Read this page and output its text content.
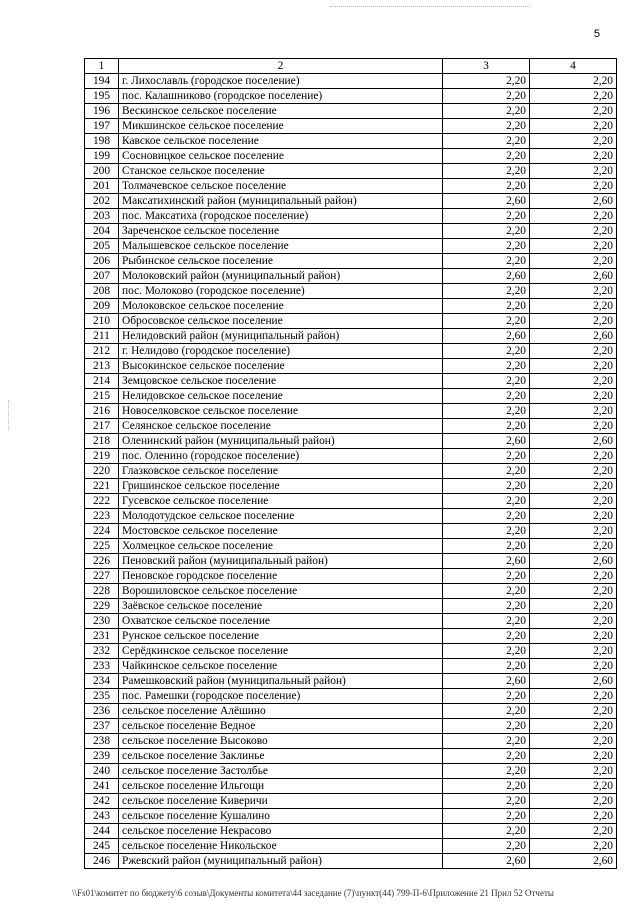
5
1	2	3	4
194	г. Лихославль (городское поселение)	2,20	2,20
195	пос. Калашниково (городское поселение)	2,20	2,20
196	Вескинское сельское поселение	2,20	2,20
197	Микшинское сельское поселение	2,20	2,20
198	Кавское сельское поселение	2,20	2,20
199	Сосновицкое сельское поселение	2,20	2,20
200	Станское сельское поселение	2,20	2,20
201	Толмачевское сельское поселение	2,20	2,20
202	Максатихинский район (муниципальный район)	2,60	2,60
203	пос. Максатиха (городское поселение)	2,20	2,20
204	Зареченское сельское поселение	2,20	2,20
205	Малышевское сельское поселение	2,20	2,20
206	Рыбинское сельское поселение	2,20	2,20
207	Молоковский район (муниципальный район)	2,60	2,60
208	пос. Молоково (городское поселение)	2,20	2,20
209	Молоковское сельское поселение	2,20	2,20
210	Обросовское сельское поселение	2,20	2,20
211	Нелидовский район (муниципальный район)	2,60	2,60
212	г. Нелидово (городское поселение)	2,20	2,20
213	Высокинское сельское поселение	2,20	2,20
214	Земцовское сельское поселение	2,20	2,20
215	Нелидовское сельское поселение	2,20	2,20
216	Новоселковское сельское поселение	2,20	2,20
217	Селянское сельское поселение	2,20	2,20
218	Оленинский район (муниципальный район)	2,60	2,60
219	пос. Оленино (городское поселение)	2,20	2,20
220	Глазковское сельское поселение	2,20	2,20
221	Гришинское сельское поселение	2,20	2,20
222	Гусевское сельское поселение	2,20	2,20
223	Молодотудское сельское поселение	2,20	2,20
224	Мостовское сельское поселение	2,20	2,20
225	Холмецкое сельское поселение	2,20	2,20
226	Пеновский район (муниципальный район)	2,60	2,60
227	Пеновское городское поселение	2,20	2,20
228	Ворошиловское сельское поселение	2,20	2,20
229	Заёвское сельское поселение	2,20	2,20
230	Охватское сельское поселение	2,20	2,20
231	Рунское сельское поселение	2,20	2,20
232	Серёдкинское сельское поселение	2,20	2,20
233	Чайкинское сельское поселение	2,20	2,20
234	Рамешковский район (муниципальный район)	2,60	2,60
235	пос. Рамешки (городское поселение)	2,20	2,20
236	сельское поселение Алёшино	2,20	2,20
237	сельское поселение Ведное	2,20	2,20
238	сельское поселение Высоково	2,20	2,20
239	сельское поселение Заклинье	2,20	2,20
240	сельское поселение Застолбье	2,20	2,20
241	сельское поселение Ильгощи	2,20	2,20
242	сельское поселение Киверичи	2,20	2,20
243	сельское поселение Кушалино	2,20	2,20
244	сельское поселение Некрасово	2,20	2,20
245	сельское поселение Никольское	2,20	2,20
246	Ржевский район (муниципальный район)	2,60	2,60
\\Fs01\комитет по бюджету\6 созыв\Документы комитета\44 заседание (7)\пункт(44) 799-П-6\Приложение 21 Прил 52 Отчеты
